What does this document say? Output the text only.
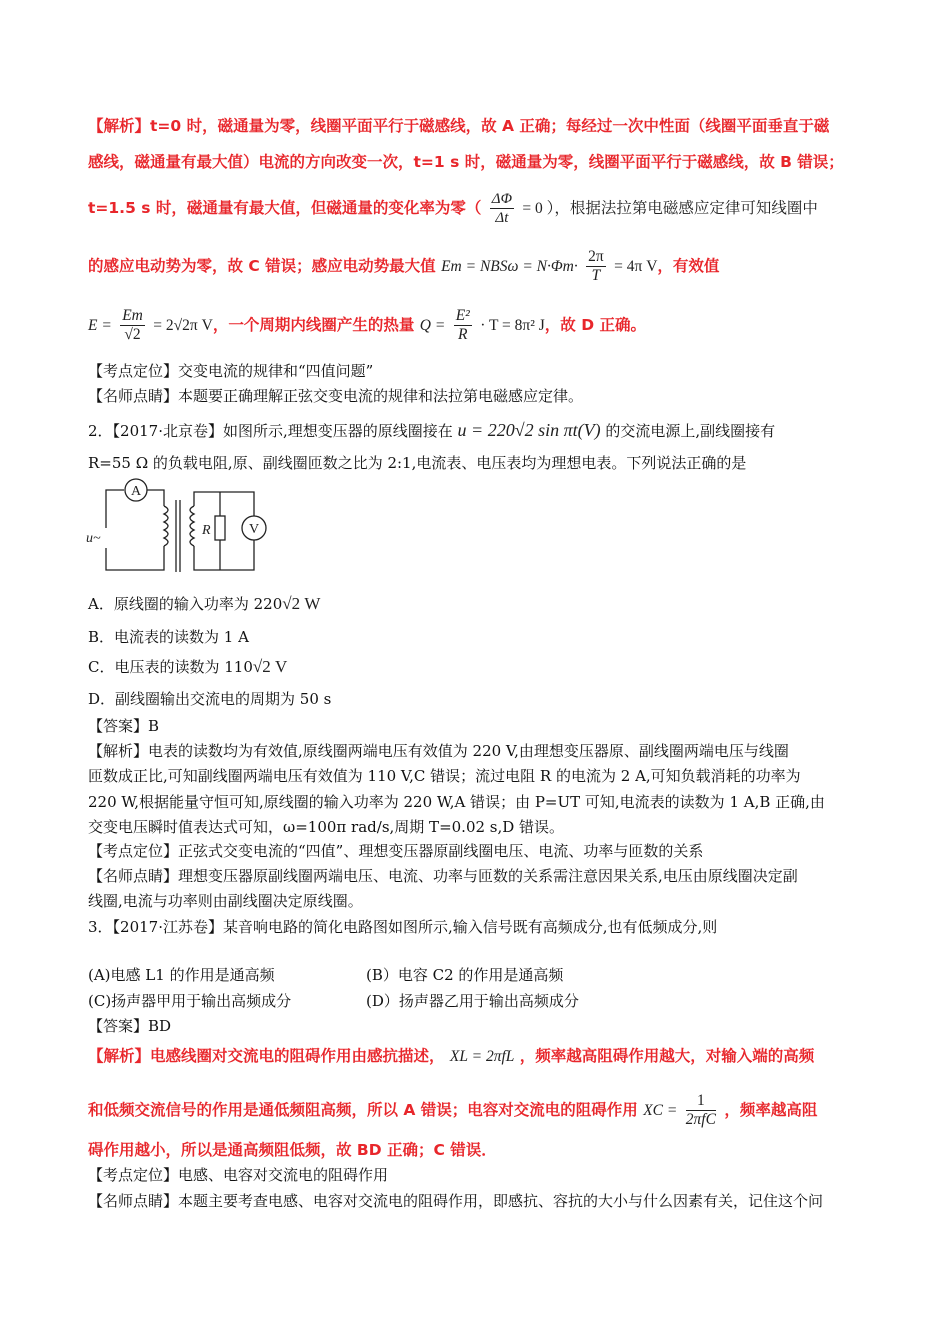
【解析】t=0 时，磁通量为零，线圈平面平行于磁感线，故 A 正确；每经过一次中性面（线圈平面垂直于磁
感线，磁通量有最大值）电流的方向改变一次，t=1 s 时，磁通量为零，线圈平面平行于磁感线，故 B 错误；
t=1.5 s 时，磁通量有最大值，但磁通量的变化率为零（ $\frac{\Delta\Phi}{\Delta t} = 0$ ），根据法拉第电磁感应定律可知线圈中
的感应电动势为零，故 C 错误；感应电动势最大值 $Em = NBS\omega = N\cdot\Phi m\cdot \frac{2\pi}{T} = 4\pi$ V，有效值
$E = \frac{Em}{√2} = 2√2\pi$ V，一个周期内线圈产生的热量 $Q = \frac{\text{E²}}{R} \cdot T = 8\pi^2$ J，故 D 正确。
【考点定位】交变电流的规律和“四值问题”
【名师点睛】本题要正确理解正弦交变电流的规律和法拉第电磁感应定律。
2．【2017·北京卷】如图所示,理想变压器的原线圈接在 u = 220√2 sin πt(V) 的交流电源上,副线圈接有
R=55 Ω 的负载电阻,原、副线圈匝数之比为 2:1,电流表、电压表均为理想电表。下列说法正确的是
A
V
R
u~
A．原线圈的输入功率为 220√2 W
B．电流表的读数为 1 A
C．电压表的读数为 110√2 V
D．副线圈输出交流电的周期为 50 s
【答案】B
【解析】电表的读数均为有效值,原线圈两端电压有效值为 220 V,由理想变压器原、副线圈两端电压与线圈
匝数成正比,可知副线圈两端电压有效值为 110 V,C 错误；流过电阻 R 的电流为 2 A,可知负载消耗的功率为
220 W,根据能量守恒可知,原线圈的输入功率为 220 W,A 错误；由 P=UT 可知,电流表的读数为 1 A,B 正确,由
交变电压瞬时值表达式可知，ω=100π rad/s,周期 T=0.02 s,D 错误。
【考点定位】正弦式交变电流的“四值”、理想变压器原副线圈电压、电流、功率与匝数的关系
【名师点睛】理想变压器原副线圈两端电压、电流、功率与匝数的关系需注意因果关系,电压由原线圈决定副
线圈,电流与功率则由副线圈决定原线圈。
3．【2017·江苏卷】某音响电路的简化电路图如图所示,输入信号既有高频成分,也有低频成分,则
(A)电感 L1 的作用是通高频	(B）电容 C2 的作用是通高频
(C)扬声器甲用于输出高频成分	(D）扬声器乙用于输出高频成分
【答案】BD
【解析】电感线圈对交流电的阻碍作用由感抗描述， XL = 2πfL ，频率越高阻碍作用越大，对输入端的高频
和低频交流信号的作用是通低频阻高频，所以 A 错误；电容对交流电的阻碍作用 XC = $\frac{1}{\text{2πfC}}$ ，频率越高阻
碍作用越小，所以是通高频阻低频，故 BD 正确；C 错误．
【考点定位】电感、电容对交流电的阻碍作用
【名师点睛】本题主要考查电感、电容对交流电的阻碍作用，即感抗、容抗的大小与什么因素有关，记住这个问
